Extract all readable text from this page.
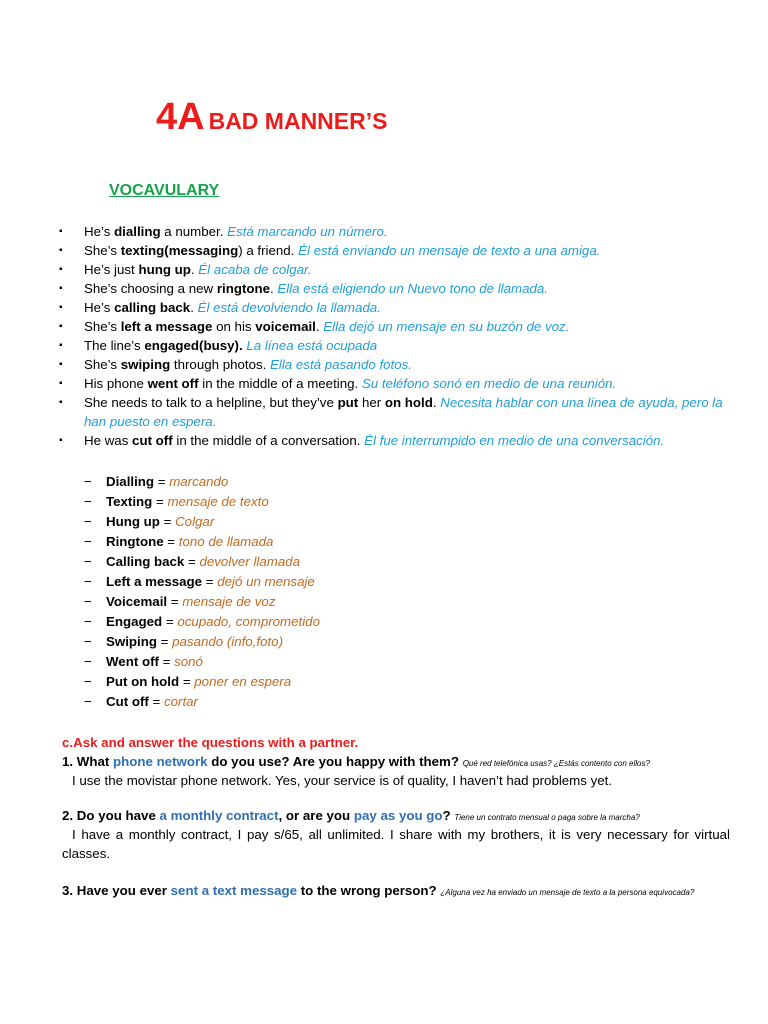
4A BAD MANNER’S
VOCAVULARY
▪ He’s dialling a number. Está marcando un número.
▪ She’s texting(messaging) a friend. Él está enviando un mensaje de texto a una amiga.
▪ He’s just hung up. Él acaba de colgar.
▪ She’s choosing a new ringtone. Ella está eligiendo un Nuevo tono de llamada.
▪ He’s calling back. Él está devolviendo la llamada.
▪ She’s left a message on his voicemail. Ella dejó un mensaje en su buzón de voz.
▪ The line’s engaged(busy). La línea está ocupada
▪ She’s swiping through photos. Ella está pasando fotos.
▪ His phone went off in the middle of a meeting. Su teléfono sonó en medio de una reunión.
▪ She needs to talk to a helpline, but they’ve put her on hold. Necesita hablar con una línea de ayuda, pero la han puesto en espera.
▪ He was cut off in the middle of a conversation. Él fue interrumpido en medio de una conversación.
− Dialling = marcando
− Texting = mensaje de texto
− Hung up = Colgar
− Ringtone = tono de llamada
− Calling back = devolver llamada
− Left a message = dejó un mensaje
− Voicemail = mensaje de voz
− Engaged = ocupado, comprometido
− Swiping = pasando (info,foto)
− Went off = sonó
− Put on hold = poner en espera
− Cut off = cortar
c.Ask and answer the questions with a partner.
1. What phone network do you use? Are you happy with them? Qué red telefónica usas? ¿Estás contento con ellos?
I use the movistar phone network. Yes, your service is of quality, I haven’t had problems yet.
2. Do you have a monthly contract, or are you pay as you go? Tiene un contrato mensual o paga sobre la marcha?
I have a monthly contract, I pay s/65, all unlimited. I share with my brothers, it is very necessary for virtual classes.
3. Have you ever sent a text message to the wrong person? ¿Alguna vez ha enviado un mensaje de texto a la persona equivocada?
